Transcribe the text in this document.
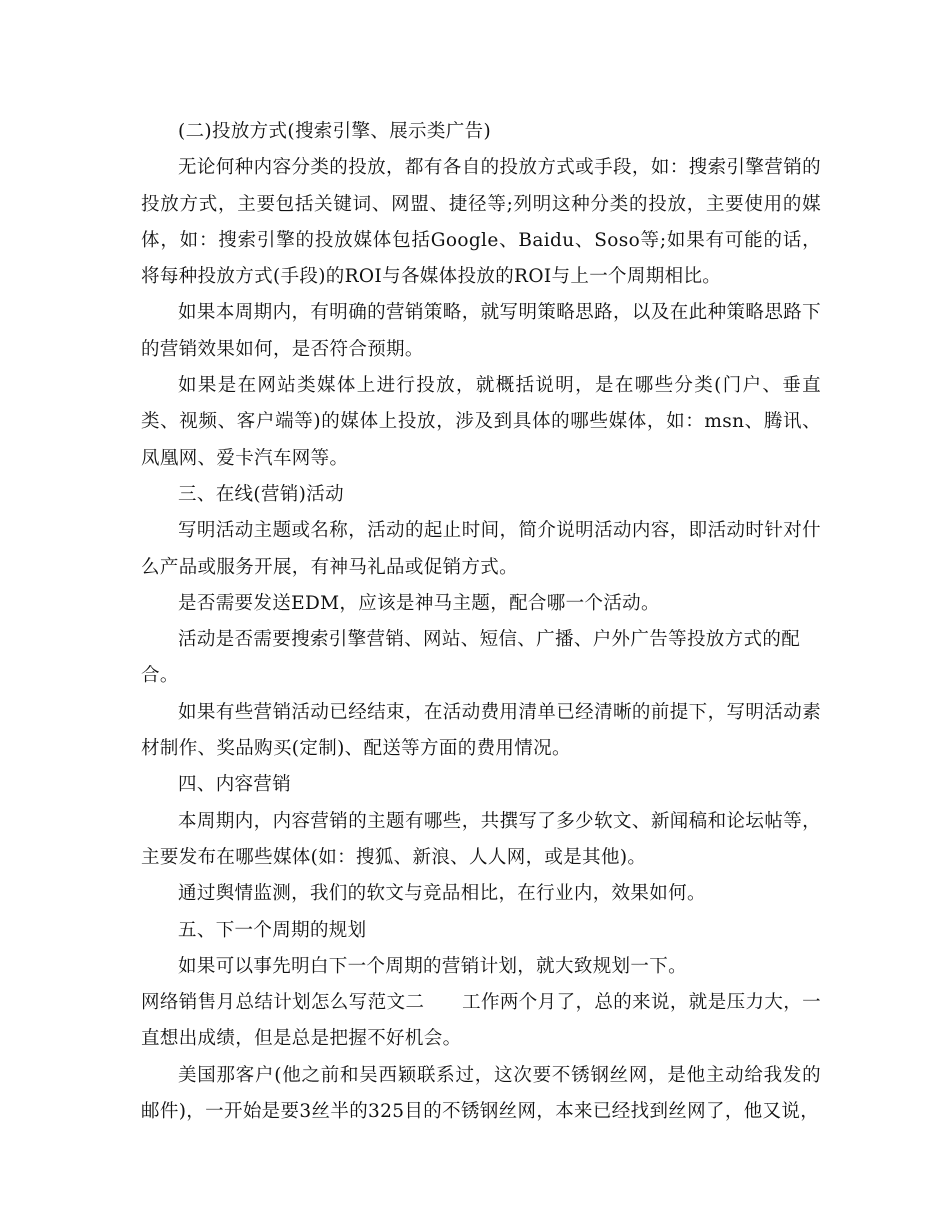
(二)投放方式(搜索引擎、展示类广告)

无论何种内容分类的投放，都有各自的投放方式或手段，如：搜索引擎营销的投放方式，主要包括关键词、网盟、捷径等;列明这种分类的投放，主要使用的媒体，如：搜索引擎的投放媒体包括Google、Baidu、Soso等;如果有可能的话，将每种投放方式(手段)的ROI与各媒体投放的ROI与上一个周期相比。

如果本周期内，有明确的营销策略，就写明策略思路，以及在此种策略思路下的营销效果如何，是否符合预期。

如果是在网站类媒体上进行投放，就概括说明，是在哪些分类(门户、垂直类、视频、客户端等)的媒体上投放，涉及到具体的哪些媒体，如：msn、腾讯、凤凰网、爱卡汽车网等。

三、在线(营销)活动

写明活动主题或名称，活动的起止时间，简介说明活动内容，即活动时针对什么产品或服务开展，有神马礼品或促销方式。

是否需要发送EDM，应该是神马主题，配合哪一个活动。

活动是否需要搜索引擎营销、网站、短信、广播、户外广告等投放方式的配合。

如果有些营销活动已经结束，在活动费用清单已经清晰的前提下，写明活动素材制作、奖品购买(定制)、配送等方面的费用情况。

四、内容营销

本周期内，内容营销的主题有哪些，共撰写了多少软文、新闻稿和论坛帖等，主要发布在哪些媒体(如：搜狐、新浪、人人网，或是其他)。

通过舆情监测，我们的软文与竞品相比，在行业内，效果如何。

五、下一个周期的规划

如果可以事先明白下一个周期的营销计划，就大致规划一下。

网络销售月总结计划怎么写范文二　　工作两个月了，总的来说，就是压力大，一直想出成绩，但是总是把握不好机会。

美国那客户(他之前和吴西颖联系过，这次要不锈钢丝网，是他主动给我发的邮件)，一开始是要3丝半的325目的不锈钢丝网，本来已经找到丝网了，他又说，
